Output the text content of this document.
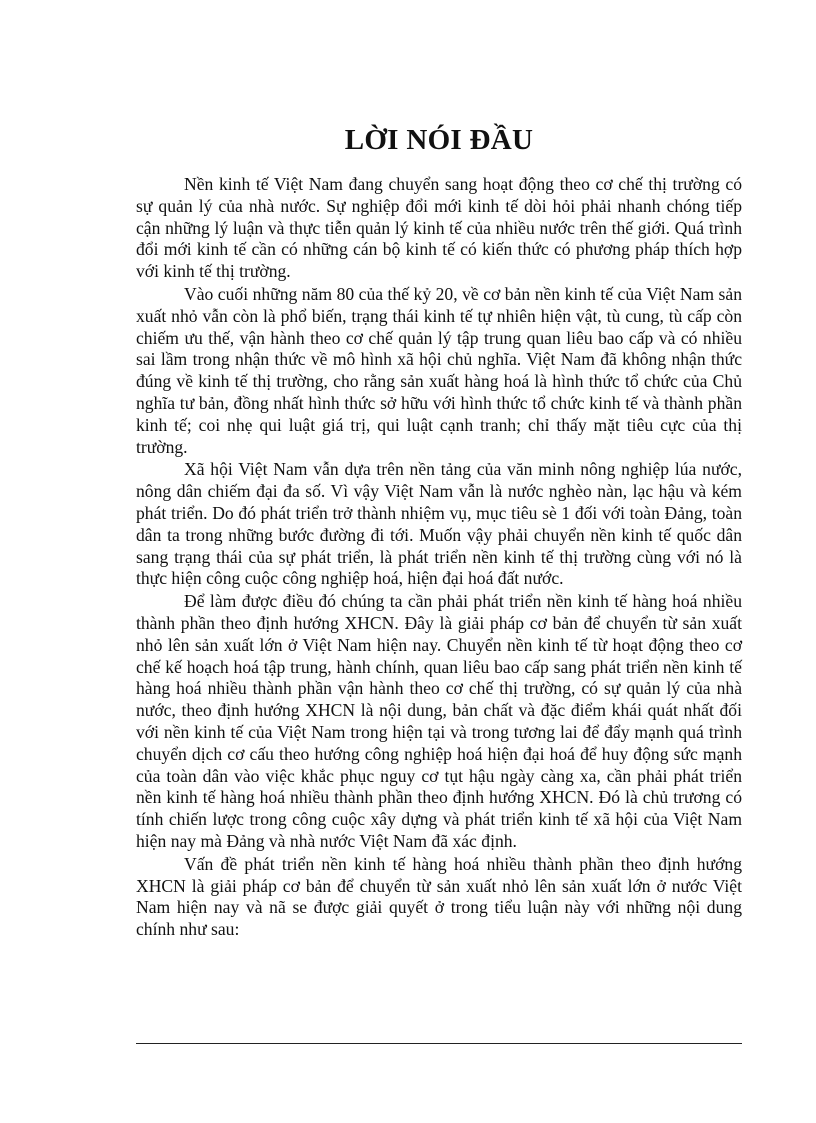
LỜI NÓI ĐẦU

Nền kinh tế Việt Nam đang chuyển sang hoạt động theo cơ chế thị trường có sự quản lý của nhà nước. Sự nghiệp đổi mới kinh tế dòi hỏi phải nhanh chóng tiếp cận những lý luận và thực tiễn quản lý kinh tế của nhiều nước trên thế giới. Quá trình đổi mới kinh tế cần có những cán bộ kinh tế có kiến thức có phương pháp thích hợp với kinh tế thị trường.

Vào cuối những năm 80 của thế kỷ 20, về cơ bản nền kinh tế của Việt Nam sản xuất nhỏ vẫn còn là phổ biến, trạng thái kinh tế tự nhiên hiện vật, tù cung, tù cấp còn chiếm ưu thế, vận hành theo cơ chế quản lý tập trung quan liêu bao cấp và có nhiều sai lầm trong nhận thức về mô hình xã hội chủ nghĩa. Việt Nam đã không nhận thức đúng về kinh tế thị trường, cho rằng sản xuất hàng hoá là hình thức tổ chức của Chủ nghĩa tư bản, đồng nhất hình thức sở hữu với hình thức tổ chức kinh tế và thành phần kinh tế; coi nhẹ qui luật giá trị, qui luật cạnh tranh; chỉ thấy mặt tiêu cực của thị trường.

Xã hội Việt Nam vẫn dựa trên nền tảng của văn minh nông nghiệp lúa nước, nông dân chiếm đại đa số. Vì vậy Việt Nam vẫn là nước nghèo nàn, lạc hậu và kém phát triển. Do đó phát triển trở thành nhiệm vụ, mục tiêu sè 1 đối với toàn Đảng, toàn dân ta trong những bước đường đi tới. Muốn vậy phải chuyển nền kinh tế quốc dân sang trạng thái của sự phát triển, là phát triển nền kinh tế thị trường cùng với nó là thực hiện công cuộc công nghiệp hoá, hiện đại hoá đất nước.

Để làm được điều đó chúng ta cần phải phát triển nền kinh tế hàng hoá nhiều thành phần theo định hướng XHCN. Đây là giải pháp cơ bản để chuyển từ sản xuất nhỏ lên sản xuất lớn ở Việt Nam hiện nay. Chuyển nền kinh tế từ hoạt động theo cơ chế kế hoạch hoá tập trung, hành chính, quan liêu bao cấp sang phát triển nền kinh tế hàng hoá nhiều thành phần vận hành theo cơ chế thị trường, có sự quản lý của nhà nước, theo định hướng XHCN là nội dung, bản chất và đặc điểm khái quát nhất đối với nền kinh tế của Việt Nam trong hiện tại và trong tương lai để đẩy mạnh quá trình chuyển dịch cơ cấu theo hướng công nghiệp hoá hiện đại hoá để huy động sức mạnh của toàn dân vào việc khắc phục nguy cơ tụt hậu ngày càng xa, cần phải phát triển nền kinh tế hàng hoá nhiều thành phần theo định hướng XHCN. Đó là chủ trương có tính chiến lược trong công cuộc xây dựng và phát triển kinh tế xã hội của Việt Nam hiện nay mà Đảng và nhà nước Việt Nam đã xác định.

Vấn đề phát triển nền kinh tế hàng hoá nhiều thành phần theo định hướng XHCN là giải pháp cơ bản để chuyển từ sản xuất nhỏ lên sản xuất lớn ở nước Việt Nam hiện nay và nã se được giải quyết ở trong tiểu luận này với những nội dung chính như sau:
